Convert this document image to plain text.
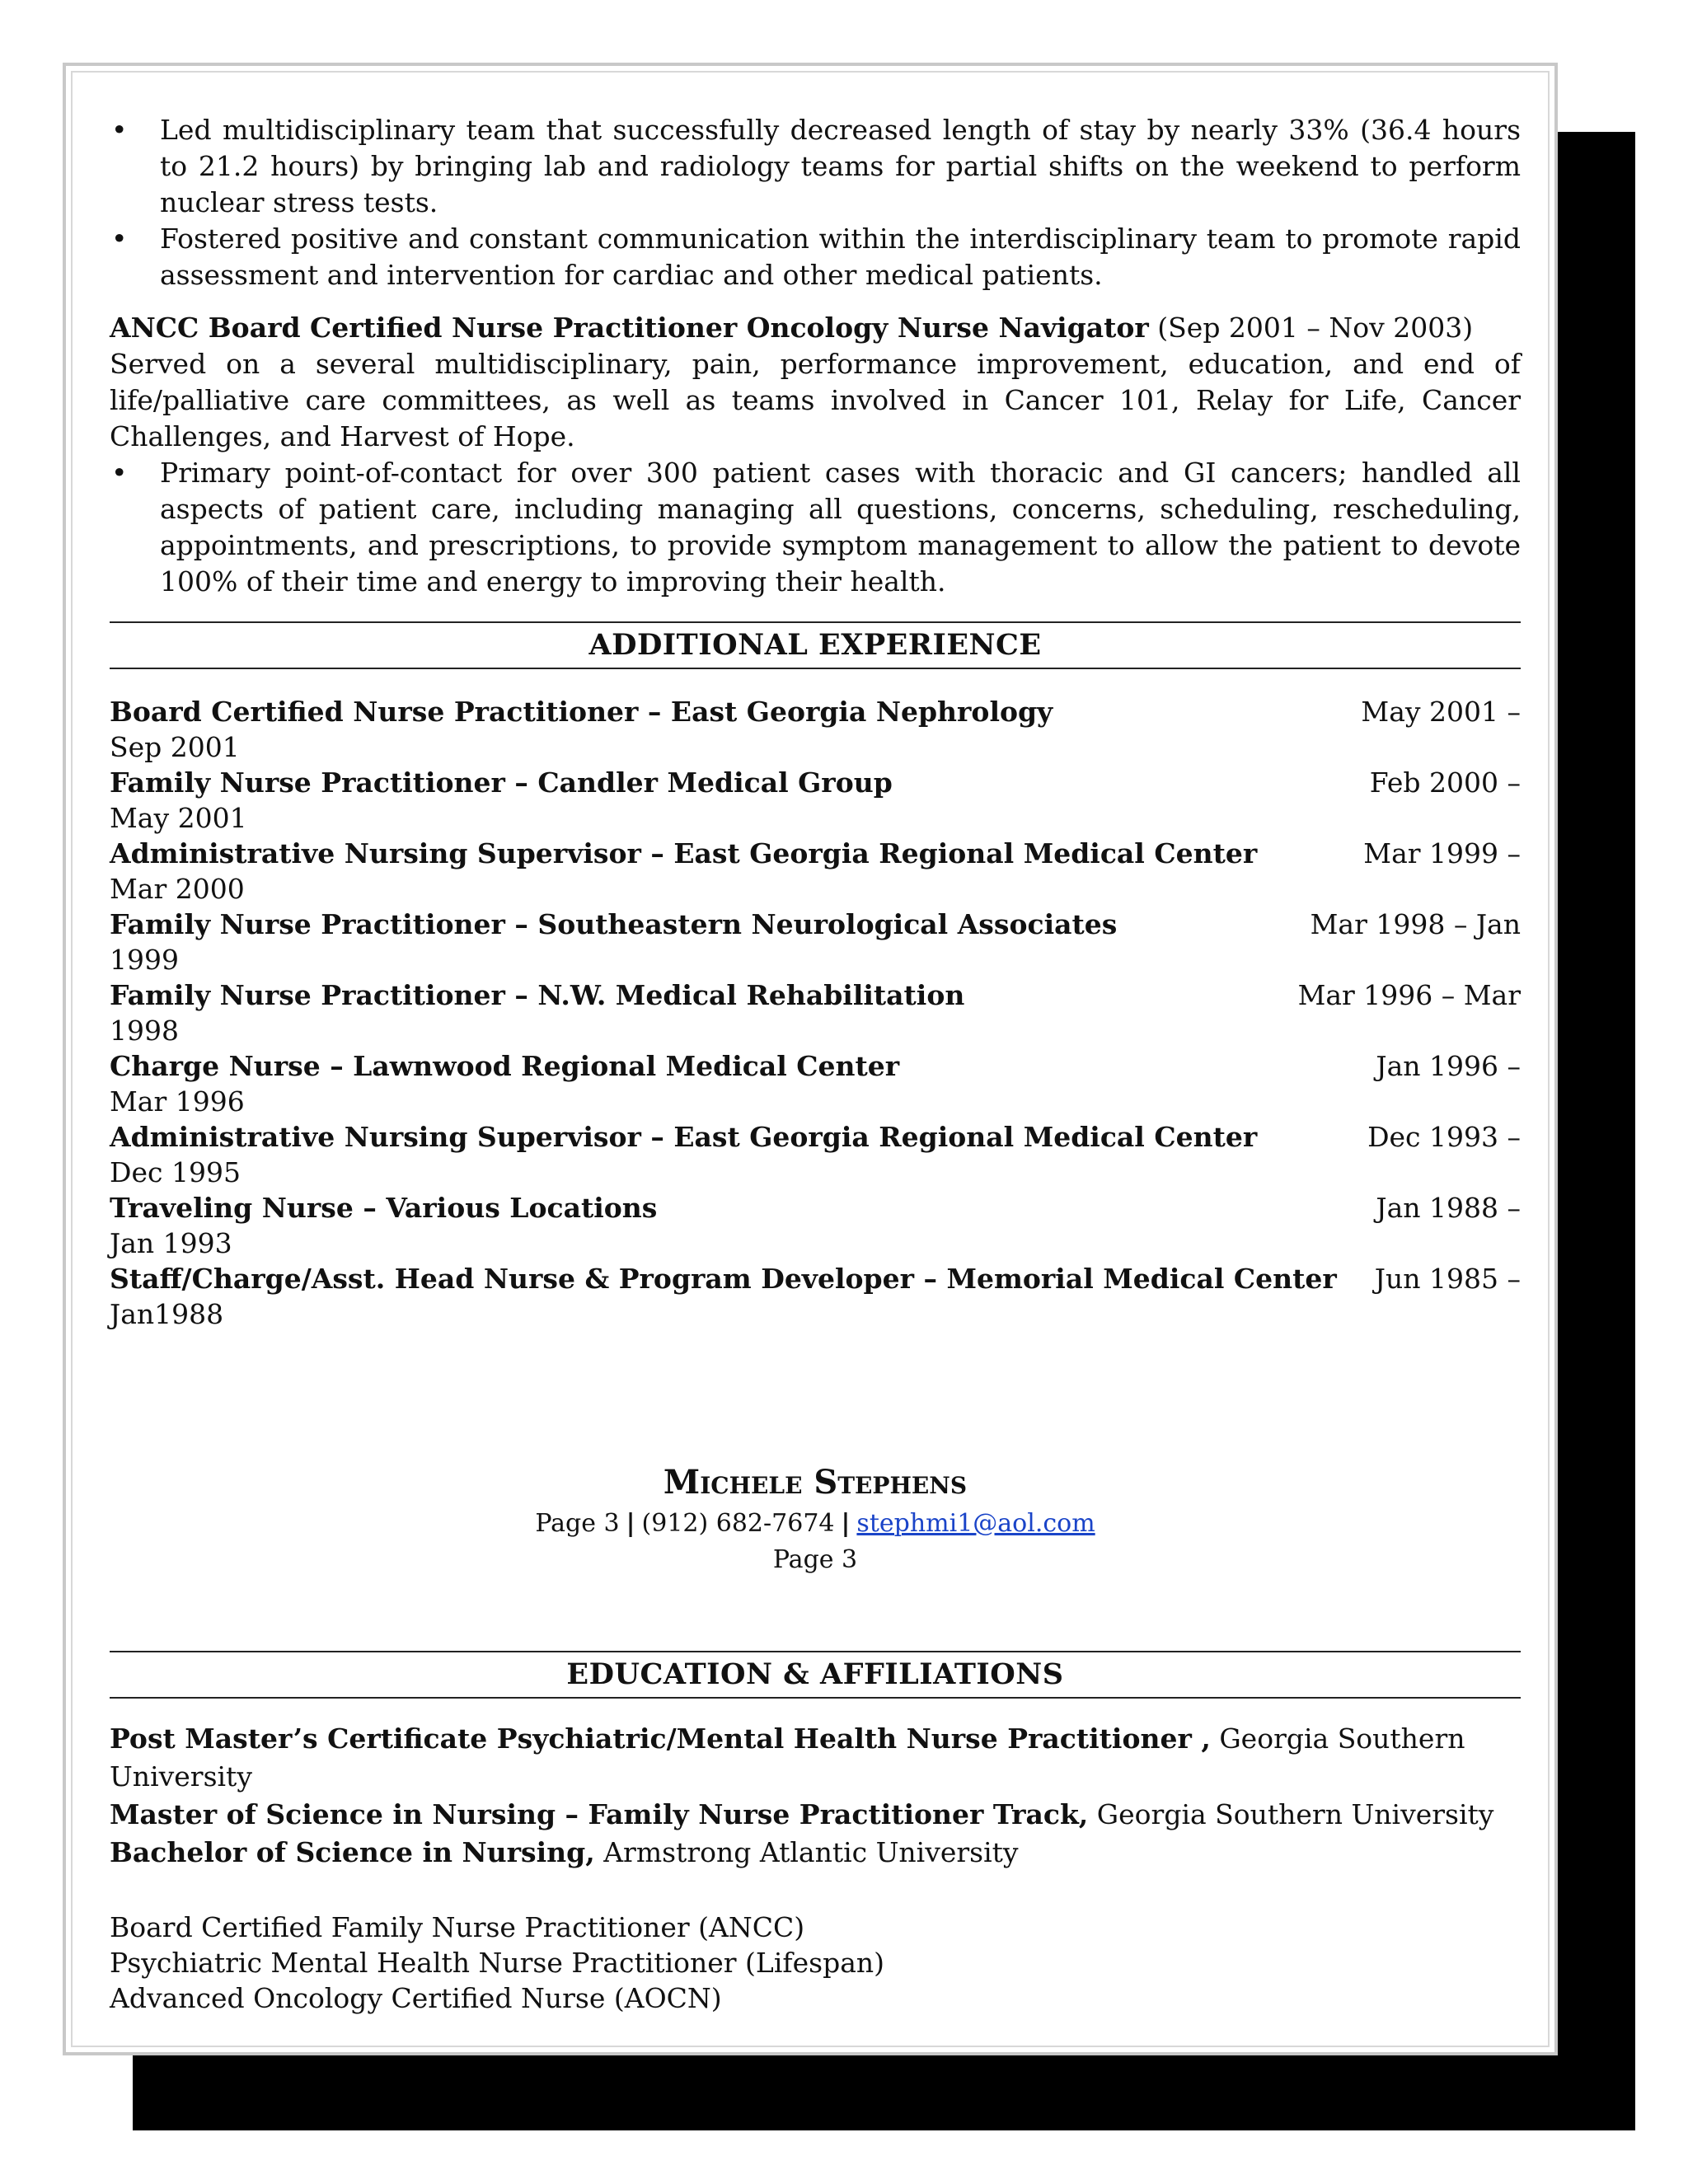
• Led multidisciplinary team that successfully decreased length of stay by nearly 33% (36.4 hours to 21.2 hours) by bringing lab and radiology teams for partial shifts on the weekend to perform nuclear stress tests.
• Fostered positive and constant communication within the interdisciplinary team to promote rapid assessment and intervention for cardiac and other medical patients.
ANCC Board Certified Nurse Practitioner Oncology Nurse Navigator (Sep 2001 – Nov 2003)
Served on a several multidisciplinary, pain, performance improvement, education, and end of life/palliative care committees, as well as teams involved in Cancer 101, Relay for Life, Cancer Challenges, and Harvest of Hope.
• Primary point-of-contact for over 300 patient cases with thoracic and GI cancers; handled all aspects of patient care, including managing all questions, concerns, scheduling, rescheduling, appointments, and prescriptions, to provide symptom management to allow the patient to devote 100% of their time and energy to improving their health.
ADDITIONAL EXPERIENCE
Board Certified Nurse Practitioner – East Georgia Nephrology	May 2001 –
Sep 2001
Family Nurse Practitioner – Candler Medical Group	Feb 2000 –
May 2001
Administrative Nursing Supervisor – East Georgia Regional Medical Center	Mar 1999 –
Mar 2000
Family Nurse Practitioner – Southeastern Neurological Associates	Mar 1998 – Jan
1999
Family Nurse Practitioner – N.W. Medical Rehabilitation	Mar 1996 – Mar
1998
Charge Nurse – Lawnwood Regional Medical Center	Jan 1996 –
Mar 1996
Administrative Nursing Supervisor – East Georgia Regional Medical Center	Dec 1993 –
Dec 1995
Traveling Nurse – Various Locations	Jan 1988 –
Jan 1993
Staff/Charge/Asst. Head Nurse & Program Developer – Memorial Medical Center Jun 1985 –
Jan1988
Michele Stephens
Page 3 | (912) 682-7674 | stephmi1@aol.com
Page 3
EDUCATION & AFFILIATIONS
Post Master’s Certificate Psychiatric/Mental Health Nurse Practitioner , Georgia Southern University
Master of Science in Nursing – Family Nurse Practitioner Track, Georgia Southern University
Bachelor of Science in Nursing, Armstrong Atlantic University
Board Certified Family Nurse Practitioner (ANCC)
Psychiatric Mental Health Nurse Practitioner (Lifespan)
Advanced Oncology Certified Nurse (AOCN)
